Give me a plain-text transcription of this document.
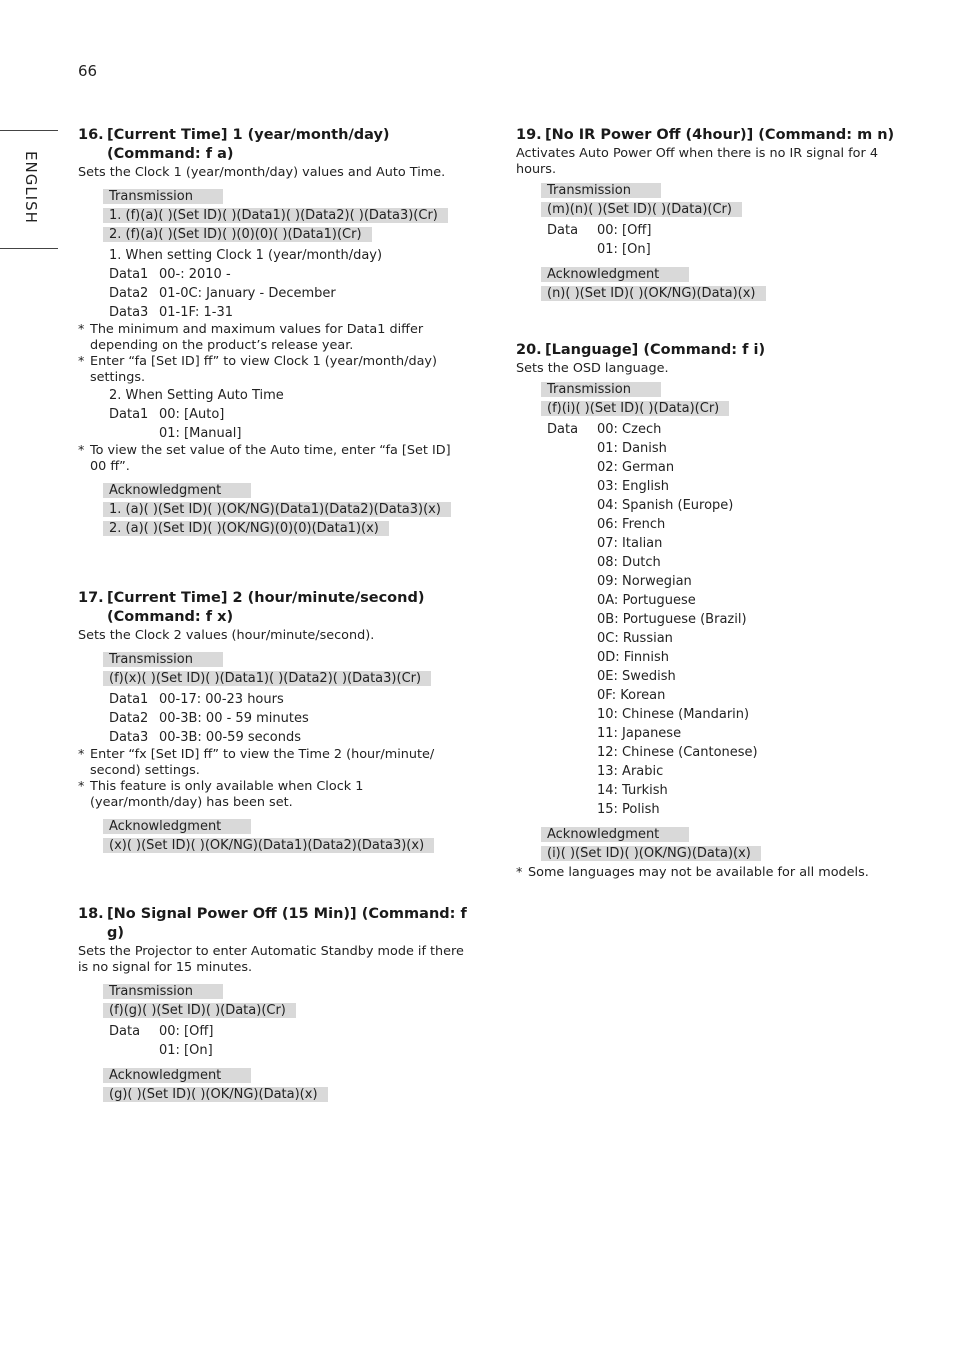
66
ENGLISH
16. [Current Time] 1 (year/month/day) (Command: f a)
Sets the Clock 1 (year/month/day) values and Auto Time.
Transmission
1. (f)(a)( )(Set ID)( )(Data1)( )(Data2)( )(Data3)(Cr)
2. (f)(a)( )(Set ID)( )(0)(0)( )(Data1)(Cr)
1. When setting Clock 1 (year/month/day)
Data1 00-: 2010 -
Data2 01-0C: January - December
Data3 01-1F: 1-31
* The minimum and maximum values for Data1 differ depending on the product’s release year.
* Enter “fa [Set ID] ff” to view Clock 1 (year/month/day) settings.
2. When Setting Auto Time
Data1 00: [Auto]
01: [Manual]
* To view the set value of the Auto time, enter “fa [Set ID] 00 ff”.
Acknowledgment
1. (a)( )(Set ID)( )(OK/NG)(Data1)(Data2)(Data3)(x)
2. (a)( )(Set ID)( )(OK/NG)(0)(0)(Data1)(x)
17. [Current Time] 2 (hour/minute/second) (Command: f x)
Sets the Clock 2 values (hour/minute/second).
Transmission
(f)(x)( )(Set ID)( )(Data1)( )(Data2)( )(Data3)(Cr)
Data1 00-17: 00-23 hours
Data2 00-3B: 00 - 59 minutes
Data3 00-3B: 00-59 seconds
* Enter “fx [Set ID] ff” to view the Time 2 (hour/minute/ second) settings.
* This feature is only available when Clock 1 (year/month/day) has been set.
Acknowledgment
(x)( )(Set ID)( )(OK/NG)(Data1)(Data2)(Data3)(x)
18. [No Signal Power Off (15 Min)] (Command: f g)
Sets the Projector to enter Automatic Standby mode if there is no signal for 15 minutes.
Transmission
(f)(g)( )(Set ID)( )(Data)(Cr)
Data 00: [Off]
01: [On]
Acknowledgment
(g)( )(Set ID)( )(OK/NG)(Data)(x)
19. [No IR Power Off (4hour)] (Command: m n)
Activates Auto Power Off when there is no IR signal for 4 hours.
Transmission
(m)(n)( )(Set ID)( )(Data)(Cr)
Data 00: [Off]
01: [On]
Acknowledgment
(n)( )(Set ID)( )(OK/NG)(Data)(x)
20. [Language] (Command: f i)
Sets the OSD language.
Transmission
(f)(i)( )(Set ID)( )(Data)(Cr)
Data 00: Czech
01: Danish
02: German
03: English
04: Spanish (Europe)
06: French
07: Italian
08: Dutch
09: Norwegian
0A: Portuguese
0B: Portuguese (Brazil)
0C: Russian
0D: Finnish
0E: Swedish
0F: Korean
10: Chinese (Mandarin)
11: Japanese
12: Chinese (Cantonese)
13: Arabic
14: Turkish
15: Polish
Acknowledgment
(i)( )(Set ID)( )(OK/NG)(Data)(x)
* Some languages may not be available for all models.
